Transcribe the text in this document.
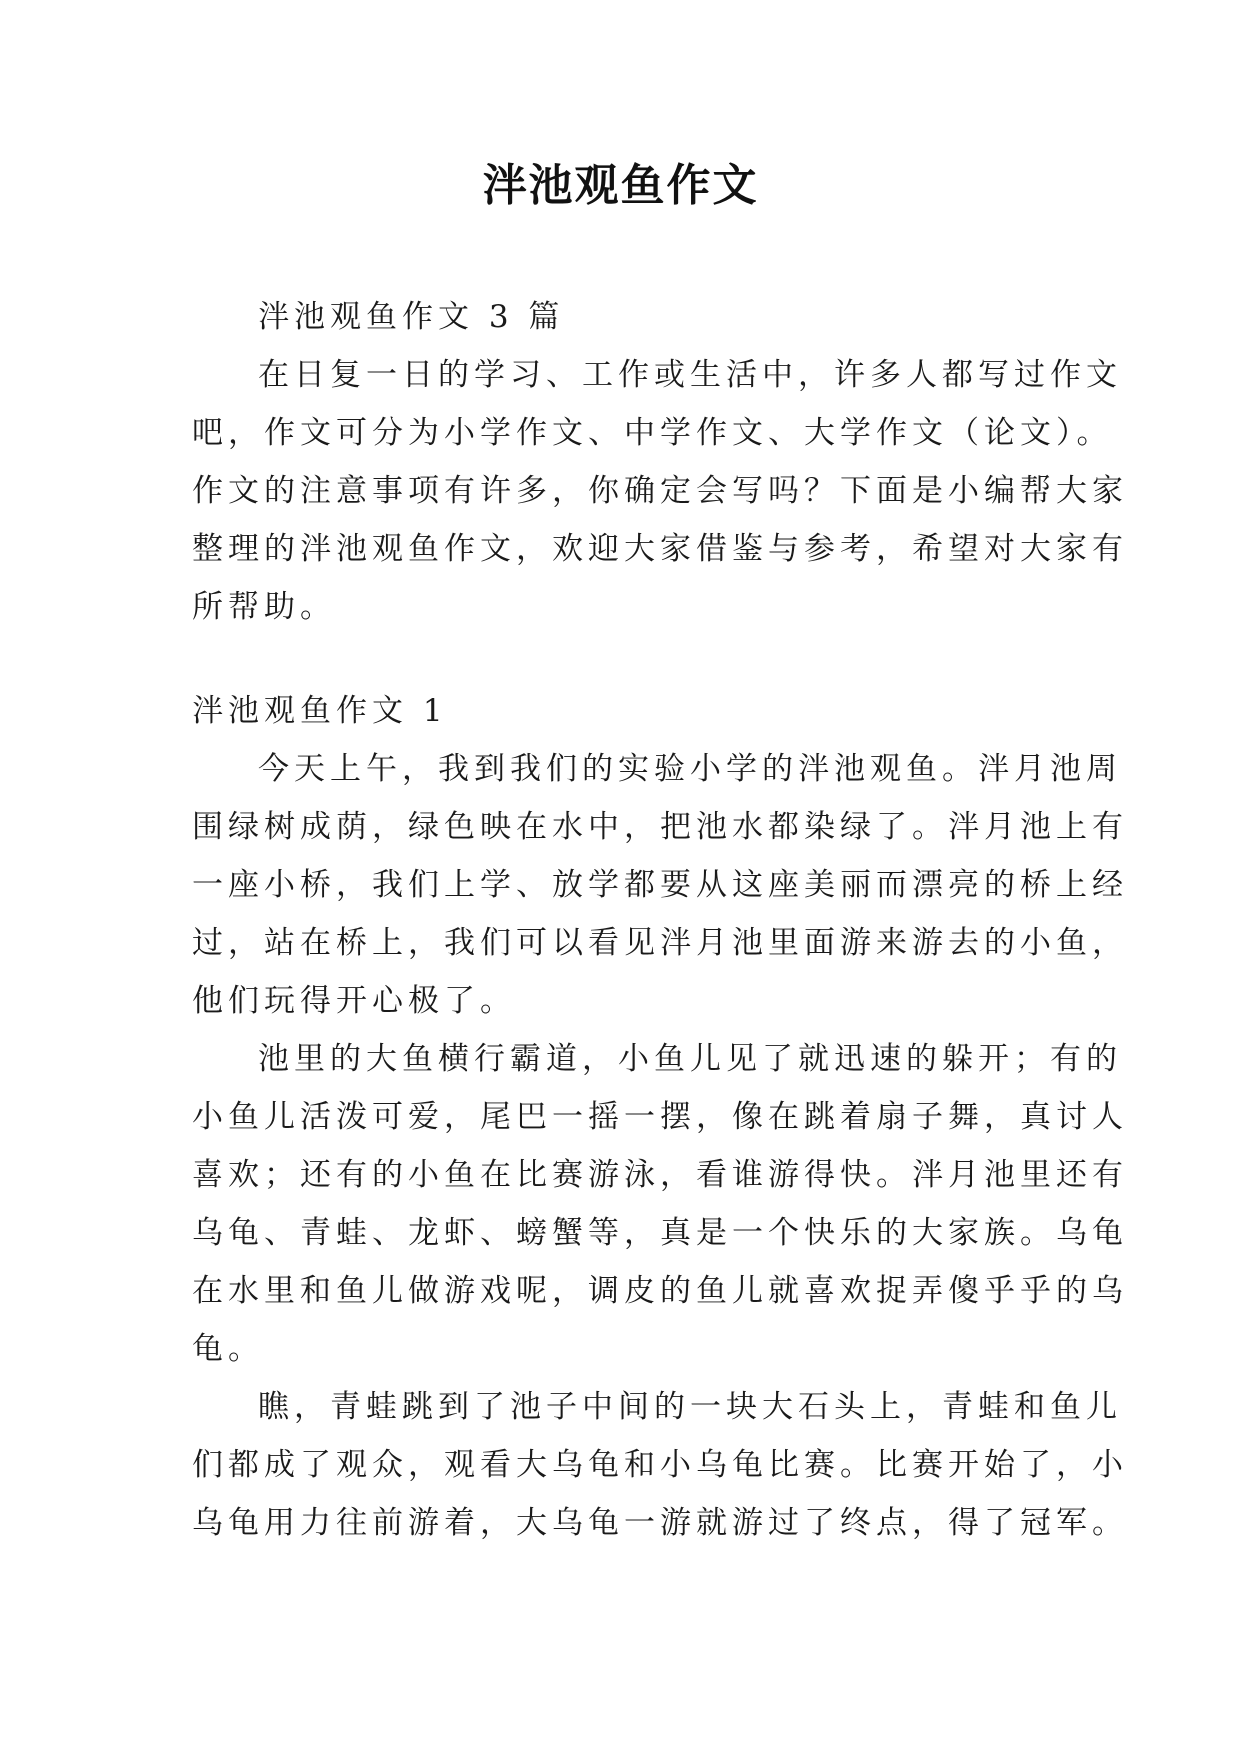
泮池观鱼作文
泮池观鱼作文 3 篇
在日复一日的学习、工作或生活中，许多人都写过作文
吧，作文可分为小学作文、中学作文、大学作文（论文）。
作文的注意事项有许多，你确定会写吗？下面是小编帮大家
整理的泮池观鱼作文，欢迎大家借鉴与参考，希望对大家有
所帮助。
泮池观鱼作文 1
今天上午，我到我们的实验小学的泮池观鱼。泮月池周
围绿树成荫，绿色映在水中，把池水都染绿了。泮月池上有
一座小桥，我们上学、放学都要从这座美丽而漂亮的桥上经
过，站在桥上，我们可以看见泮月池里面游来游去的小鱼，
他们玩得开心极了。
池里的大鱼横行霸道，小鱼儿见了就迅速的躲开；有的
小鱼儿活泼可爱，尾巴一摇一摆，像在跳着扇子舞，真讨人
喜欢；还有的小鱼在比赛游泳，看谁游得快。泮月池里还有
乌龟、青蛙、龙虾、螃蟹等，真是一个快乐的大家族。乌龟
在水里和鱼儿做游戏呢，调皮的鱼儿就喜欢捉弄傻乎乎的乌
龟。
瞧，青蛙跳到了池子中间的一块大石头上，青蛙和鱼儿
们都成了观众，观看大乌龟和小乌龟比赛。比赛开始了，小
乌龟用力往前游着，大乌龟一游就游过了终点，得了冠军。
